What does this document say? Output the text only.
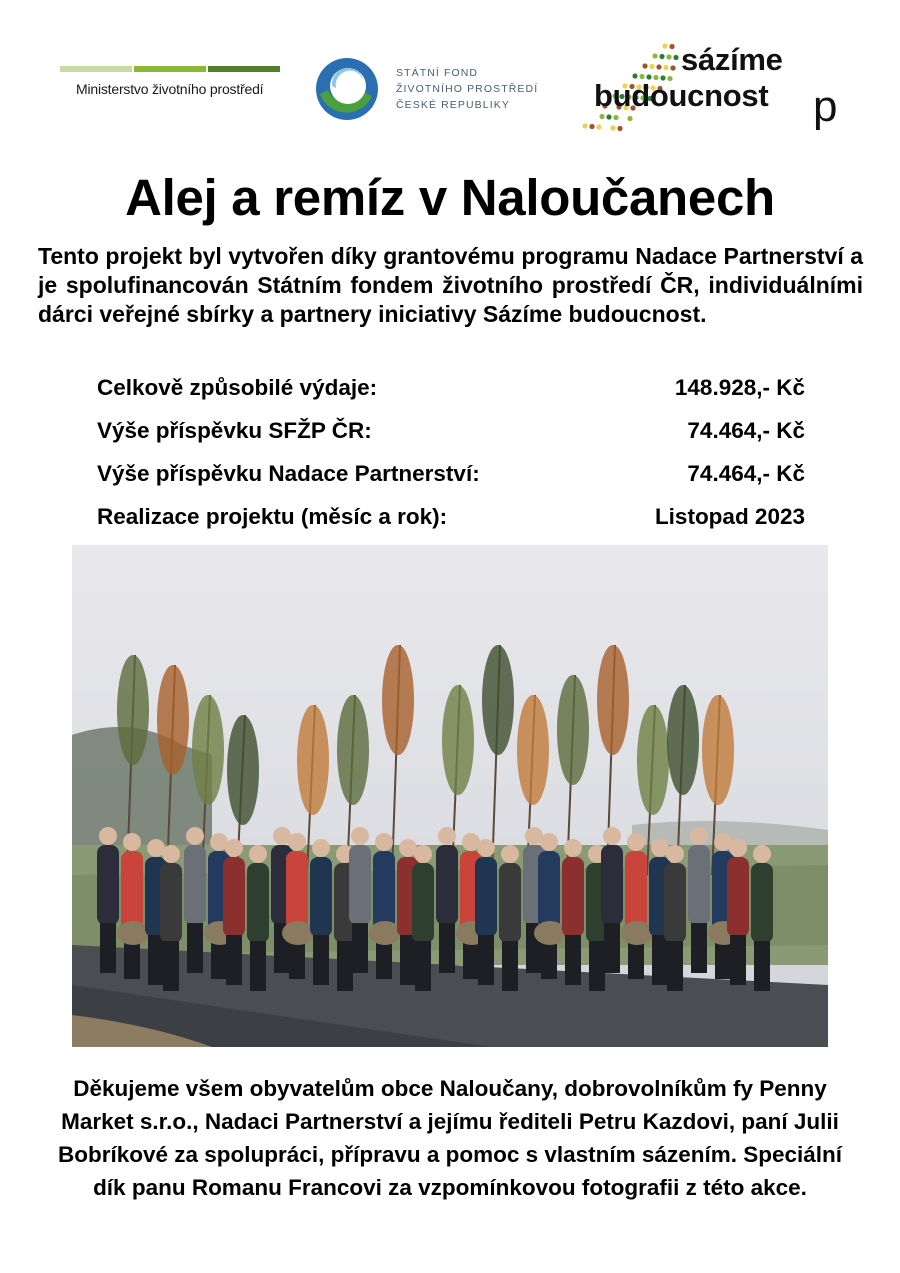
Ministerstvo životního prostředí
STÁTNÍ FOND
ŽIVOTNÍHO PROSTŘEDÍ
ČESKÉ REPUBLIKY
sázíme
budoucnost p
Alej a remíz v Naloučanech

Tento projekt byl vytvořen díky grantovému programu Nadace Partnerství a je spolufinancován Státním fondem životního prostředí ČR, individuálními dárci veřejné sbírky a partnery iniciativy Sázíme budoucnost.

Celkově způsobilé výdaje:	148.928,- Kč
Výše příspěvku SFŽP ČR:	74.464,- Kč
Výše příspěvku Nadace Partnerství:	74.464,- Kč
Realizace projektu (měsíc a rok):	Listopad 2023

Děkujeme všem obyvatelům obce Naloučany, dobrovolníkům fy Penny Market s.r.o., Nadaci Partnerství a jejímu řediteli Petru Kazdovi, paní Julii Bobríkové za spolupráci, přípravu a pomoc s vlastním sázením. Speciální dík panu Romanu Francovi za vzpomínkovou fotografii z této akce.
